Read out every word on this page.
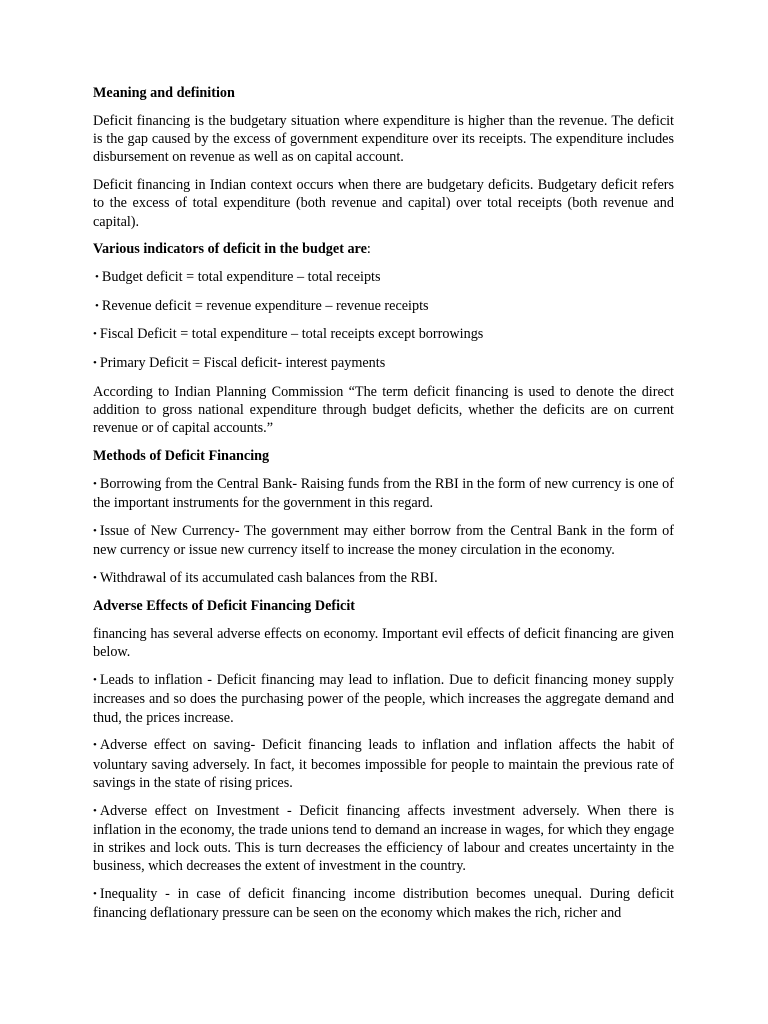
Meaning and definition

Deficit financing is the budgetary situation where expenditure is higher than the revenue. The deficit is the gap caused by the excess of government expenditure over its receipts. The expenditure includes disbursement on revenue as well as on capital account.

Deficit financing in Indian context occurs when there are budgetary deficits. Budgetary deficit refers to the excess of total expenditure (both revenue and capital) over total receipts (both revenue and capital).

Various indicators of deficit in the budget are:

• Budget deficit = total expenditure – total receipts

• Revenue deficit = revenue expenditure – revenue receipts

• Fiscal Deficit = total expenditure – total receipts except borrowings

• Primary Deficit = Fiscal deficit- interest payments

According to Indian Planning Commission “The term deficit financing is used to denote the direct addition to gross national expenditure through budget deficits, whether the deficits are on current revenue or of capital accounts.”

Methods of Deficit Financing

• Borrowing from the Central Bank- Raising funds from the RBI in the form of new currency is one of the important instruments for the government in this regard.

• Issue of New Currency- The government may either borrow from the Central Bank in the form of new currency or issue new currency itself to increase the money circulation in the economy.

• Withdrawal of its accumulated cash balances from the RBI.

Adverse Effects of Deficit Financing Deficit

financing has several adverse effects on economy. Important evil effects of deficit financing are given below.

• Leads to inflation - Deficit financing may lead to inflation. Due to deficit financing money supply increases and so does the purchasing power of the people, which increases the aggregate demand and thud, the prices increase.

• Adverse effect on saving- Deficit financing leads to inflation and inflation affects the habit of voluntary saving adversely. In fact, it becomes impossible for people to maintain the previous rate of savings in the state of rising prices.

• Adverse effect on Investment - Deficit financing affects investment adversely. When there is inflation in the economy, the trade unions tend to demand an increase in wages, for which they engage in strikes and lock outs. This is turn decreases the efficiency of labour and creates uncertainty in the business, which decreases the extent of investment in the country.

• Inequality - in case of deficit financing income distribution becomes unequal. During deficit financing deflationary pressure can be seen on the economy which makes the rich, richer and
